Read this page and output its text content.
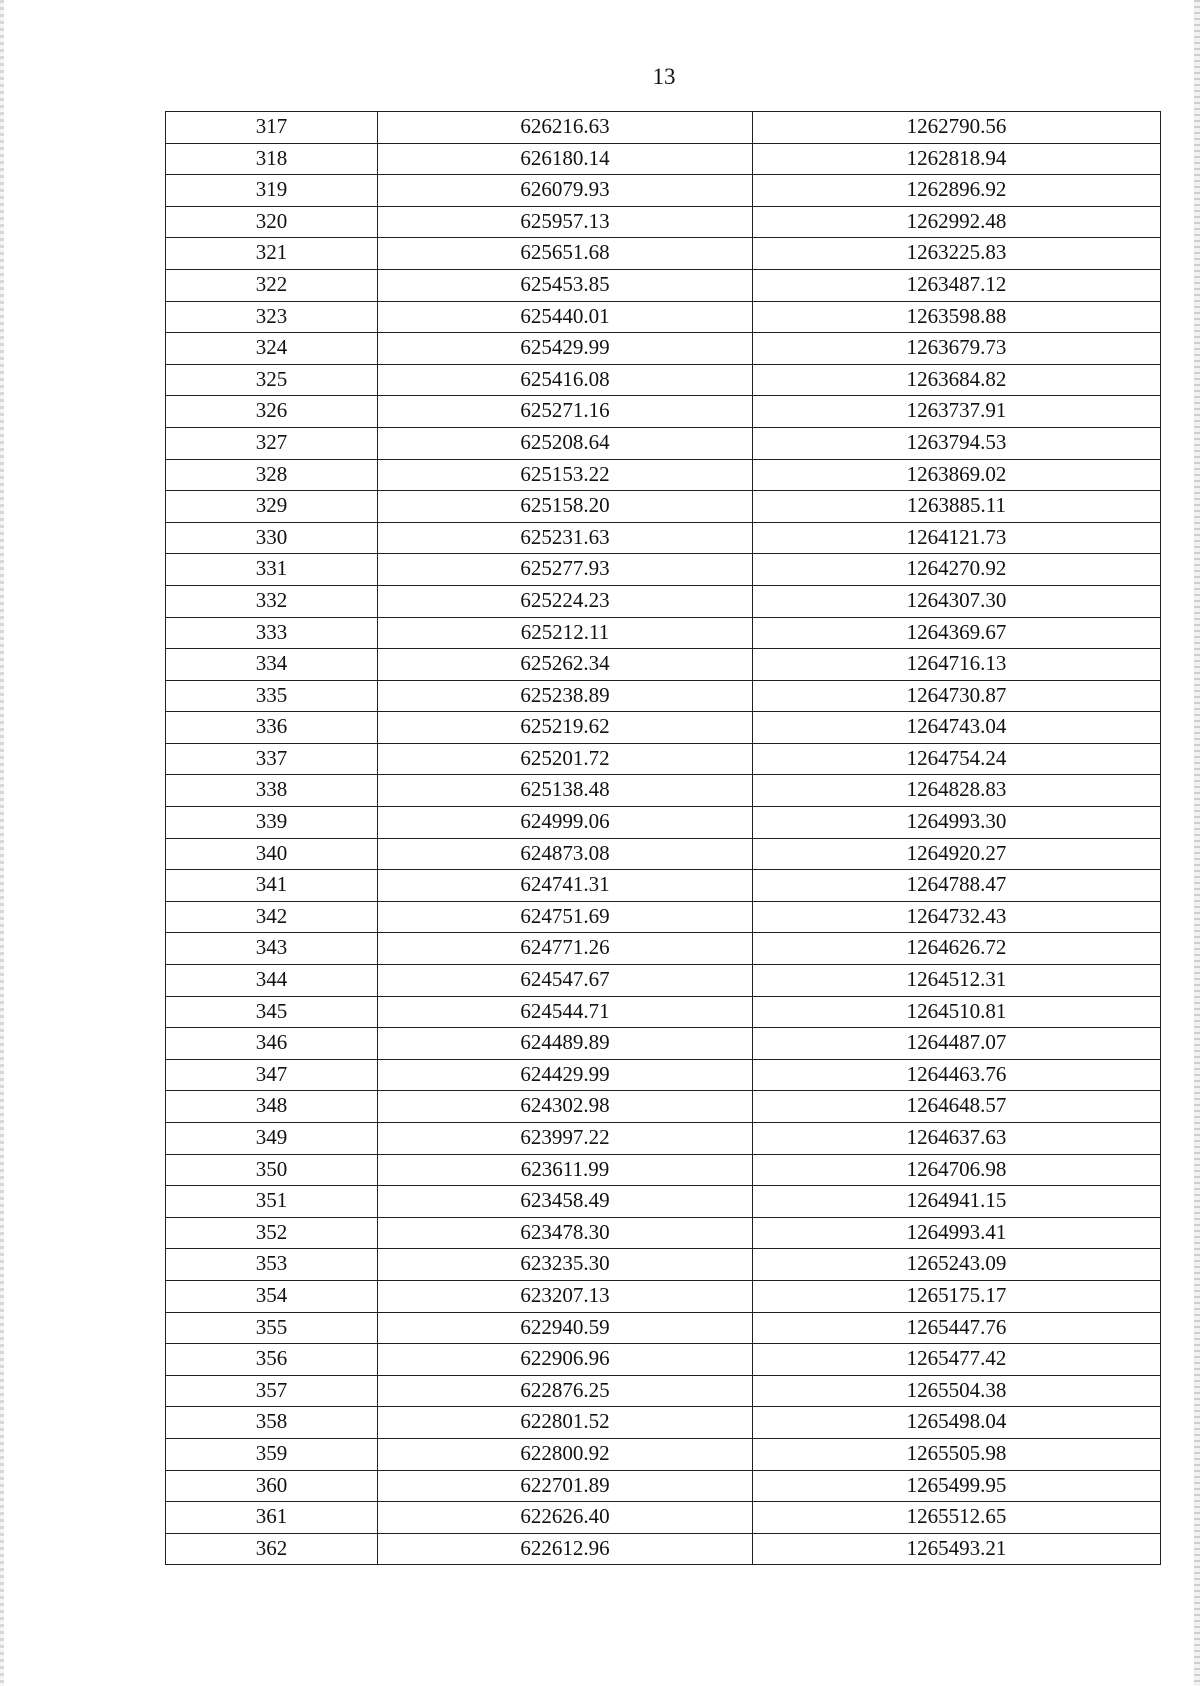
13
317	626216.63	1262790.56
318	626180.14	1262818.94
319	626079.93	1262896.92
320	625957.13	1262992.48
321	625651.68	1263225.83
322	625453.85	1263487.12
323	625440.01	1263598.88
324	625429.99	1263679.73
325	625416.08	1263684.82
326	625271.16	1263737.91
327	625208.64	1263794.53
328	625153.22	1263869.02
329	625158.20	1263885.11
330	625231.63	1264121.73
331	625277.93	1264270.92
332	625224.23	1264307.30
333	625212.11	1264369.67
334	625262.34	1264716.13
335	625238.89	1264730.87
336	625219.62	1264743.04
337	625201.72	1264754.24
338	625138.48	1264828.83
339	624999.06	1264993.30
340	624873.08	1264920.27
341	624741.31	1264788.47
342	624751.69	1264732.43
343	624771.26	1264626.72
344	624547.67	1264512.31
345	624544.71	1264510.81
346	624489.89	1264487.07
347	624429.99	1264463.76
348	624302.98	1264648.57
349	623997.22	1264637.63
350	623611.99	1264706.98
351	623458.49	1264941.15
352	623478.30	1264993.41
353	623235.30	1265243.09
354	623207.13	1265175.17
355	622940.59	1265447.76
356	622906.96	1265477.42
357	622876.25	1265504.38
358	622801.52	1265498.04
359	622800.92	1265505.98
360	622701.89	1265499.95
361	622626.40	1265512.65
362	622612.96	1265493.21
